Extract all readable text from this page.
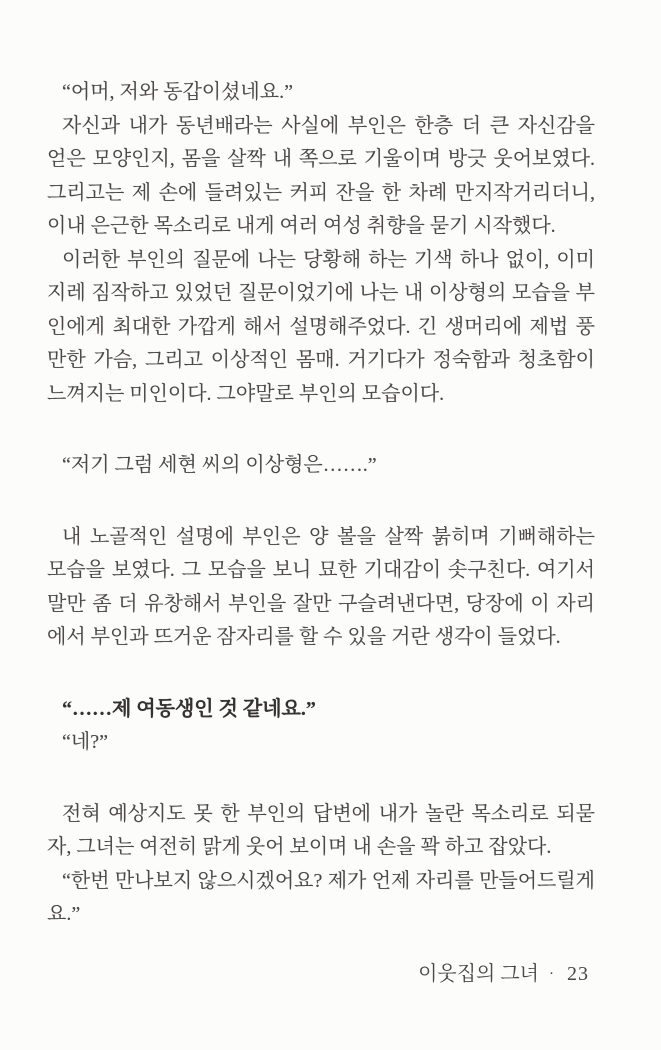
“어머, 저와 동갑이셨네요.”
자신과 내가 동년배라는 사실에 부인은 한층 더 큰 자신감을
얻은 모양인지, 몸을 살짝 내 쪽으로 기울이며 방긋 웃어보였다.
그리고는 제 손에 들려있는 커피 잔을 한 차례 만지작거리더니,
이내 은근한 목소리로 내게 여러 여성 취향을 묻기 시작했다.
이러한 부인의 질문에 나는 당황해 하는 기색 하나 없이, 이미
지레 짐작하고 있었던 질문이었기에 나는 내 이상형의 모습을 부
인에게 최대한 가깝게 해서 설명해주었다. 긴 생머리에 제법 풍
만한 가슴, 그리고 이상적인 몸매. 거기다가 정숙함과 청초함이
느껴지는 미인이다. 그야말로 부인의 모습이다.
“저기 그럼 세현 씨의 이상형은…….”
내 노골적인 설명에 부인은 양 볼을 살짝 붉히며 기뻐해하는
모습을 보였다. 그 모습을 보니 묘한 기대감이 솟구친다. 여기서
말만 좀 더 유창해서 부인을 잘만 구슬려낸다면, 당장에 이 자리
에서 부인과 뜨거운 잠자리를 할 수 있을 거란 생각이 들었다.
“……제 여동생인 것 같네요.”
“네?”
전혀 예상지도 못 한 부인의 답변에 내가 놀란 목소리로 되묻
자, 그녀는 여전히 맑게 웃어 보이며 내 손을 꽉 하고 잡았다.
“한번 만나보지 않으시겠어요? 제가 언제 자리를 만들어드릴게
요.”
이웃집의 그녀 · 23
